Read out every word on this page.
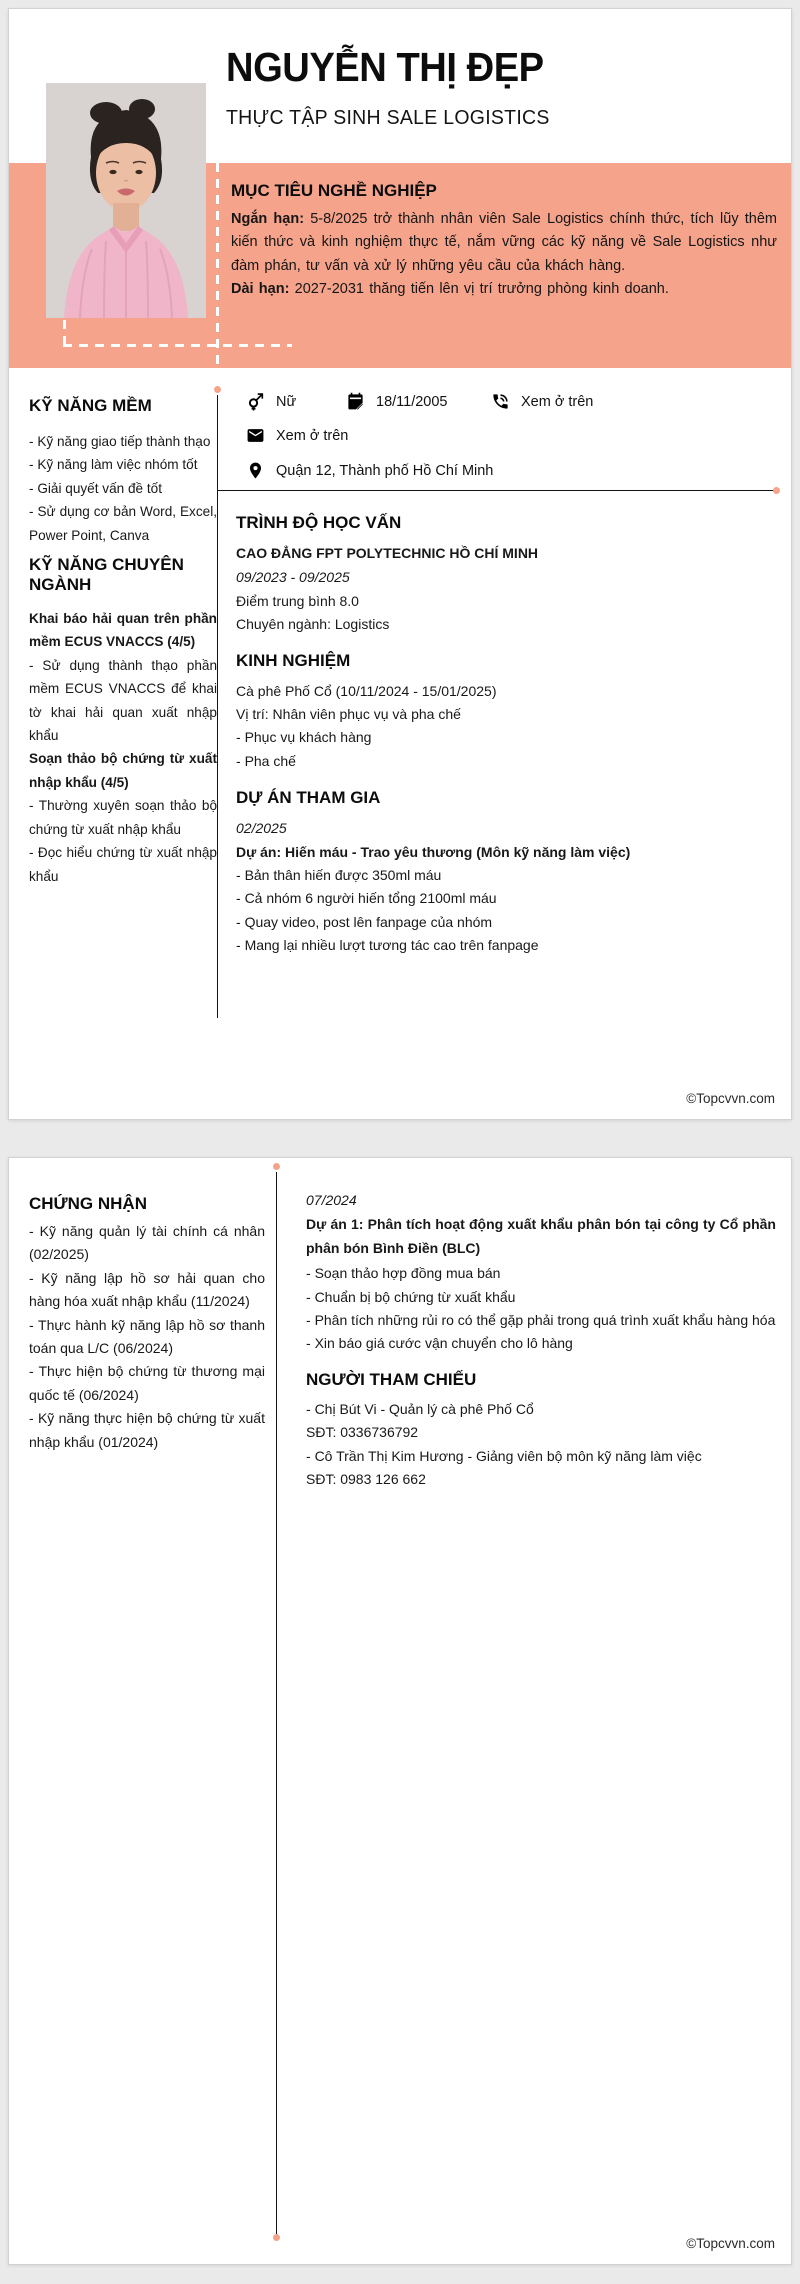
NGUYỄN THỊ ĐẸP
THỰC TẬP SINH SALE LOGISTICS
MỤC TIÊU NGHỀ NGHIỆP

Ngắn hạn: 5-8/2025 trở thành nhân viên Sale Logistics chính thức, tích lũy thêm kiến thức và kinh nghiệm thực tế, nắm vững các kỹ năng về Sale Logistics như đàm phán, tư vấn và xử lý những yêu cầu của khách hàng.

Dài hạn: 2027-2031 thăng tiến lên vị trí trưởng phòng kinh doanh.

Nữ	18/11/2005	Xem ở trên
Xem ở trên
Quận 12, Thành phố Hồ Chí Minh
KỸ NĂNG MỀM
- Kỹ năng giao tiếp thành thạo
- Kỹ năng làm việc nhóm tốt
- Giải quyết vấn đề tốt
- Sử dụng cơ bản Word, Excel, Power Point, Canva
KỸ NĂNG CHUYÊN NGÀNH
Khai báo hải quan trên phần mềm ECUS VNACCS (4/5)
- Sử dụng thành thạo phần mềm ECUS VNACCS để khai tờ khai hải quan xuất nhập khẩu
Soạn thảo bộ chứng từ xuất nhập khẩu (4/5)
- Thường xuyên soạn thảo bộ chứng từ xuất nhập khẩu
- Đọc hiểu chứng từ xuất nhập khẩu
TRÌNH ĐỘ HỌC VẤN
CAO ĐẲNG FPT POLYTECHNIC HỒ CHÍ MINH
09/2023 - 09/2025
Điểm trung bình 8.0
Chuyên ngành: Logistics
KINH NGHIỆM
Cà phê Phố Cổ (10/11/2024 - 15/01/2025)
Vị trí: Nhân viên phục vụ và pha chế
- Phục vụ khách hàng
- Pha chế
DỰ ÁN THAM GIA
02/2025
Dự án: Hiến máu - Trao yêu thương (Môn kỹ năng làm việc)
- Bản thân hiến được 350ml máu
- Cả nhóm 6 người hiến tổng 2100ml máu
- Quay video, post lên fanpage của nhóm
- Mang lại nhiều lượt tương tác cao trên fanpage
©Topcvvn.com
CHỨNG NHẬN
- Kỹ năng quản lý tài chính cá nhân (02/2025)
- Kỹ năng lập hồ sơ hải quan cho hàng hóa xuất nhập khẩu (11/2024)
- Thực hành kỹ năng lập hồ sơ thanh toán qua L/C (06/2024)
- Thực hiện bộ chứng từ thương mại quốc tế (06/2024)
- Kỹ năng thực hiện bộ chứng từ xuất nhập khẩu (01/2024)
07/2024
Dự án 1: Phân tích hoạt động xuất khẩu phân bón tại công ty Cổ phần phân bón Bình Điền (BLC)
- Soạn thảo hợp đồng mua bán
- Chuẩn bị bộ chứng từ xuất khẩu
- Phân tích những rủi ro có thể gặp phải trong quá trình xuất khẩu hàng hóa
- Xin báo giá cước vận chuyển cho lô hàng
NGƯỜI THAM CHIẾU
- Chị Bút Vi - Quản lý cà phê Phố Cổ
SĐT: 0336736792
- Cô Trần Thị Kim Hương - Giảng viên bộ môn kỹ năng làm việc
SĐT: 0983 126 662
©Topcvvn.com
